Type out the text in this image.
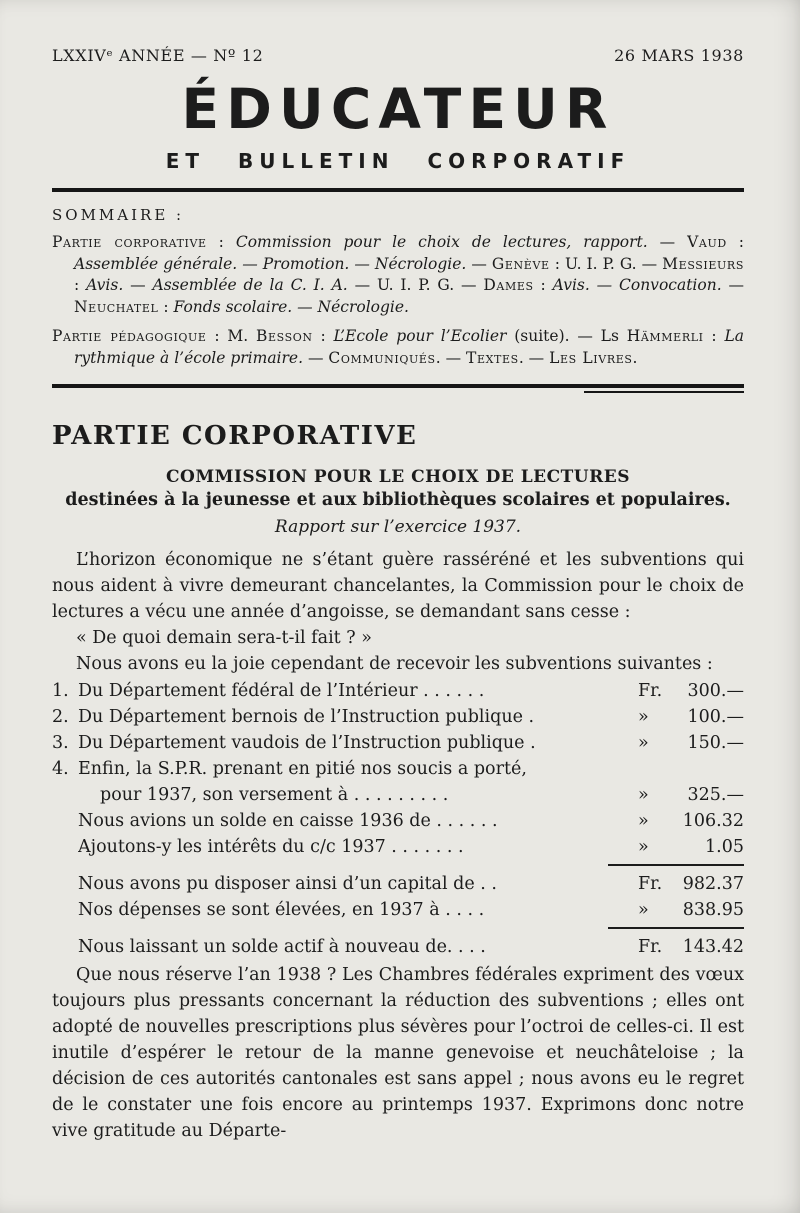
LXXIVᵉ ANNÉE — Nº 12	26 MARS 1938
ÉDUCATEUR
ET BULLETIN CORPORATIF
SOMMAIRE :

Partie corporative : Commission pour le choix de lectures, rapport. — Vaud : Assemblée générale. — Promotion. — Nécrologie. — Genève : U. I. P. G. — Messieurs : Avis. — Assemblée de la C. I. A. — U. I. P. G. — Dames : Avis. — Convocation. — Neuchatel : Fonds scolaire. — Nécrologie.

Partie pédagogique : M. Besson : L’Ecole pour l’Ecolier (suite). — Ls Hämmerli : La rythmique à l’école primaire. — Communiqués. — Textes. — Les Livres.

PARTIE CORPORATIVE
COMMISSION POUR LE CHOIX DE LECTURES
destinées à la jeunesse et aux bibliothèques scolaires et populaires.
Rapport sur l’exercice 1937.

L’horizon économique ne s’étant guère rasséréné et les subventions qui nous aident à vivre demeurant chancelantes, la Commission pour le choix de lectures a vécu une année d’angoisse, se demandant sans cesse :

« De quoi demain sera-t-il fait ? »

Nous avons eu la joie cependant de recevoir les subventions suivantes :

1. Du Département fédéral de l’Intérieur . . . . . .	Fr.	300.—
2. Du Département bernois de l’Instruction publique .	»	100.—
3. Du Département vaudois de l’Instruction publique .	»	150.—
4. Enfin, la S.P.R. prenant en pitié nos soucis a porté,
pour 1937, son versement à . . . . . . . . .	»	325.—
Nous avions un solde en caisse 1936 de . . . . . .	»	106.32
Ajoutons-y les intérêts du c/c 1937 . . . . . . .	»	1.05
Nous avons pu disposer ainsi d’un capital de . .	Fr.	982.37
Nos dépenses se sont élevées, en 1937 à . . . .	»	838.95
Nous laissant un solde actif à nouveau de. . . .	Fr.	143.42

Que nous réserve l’an 1938 ? Les Chambres fédérales expriment des vœux toujours plus pressants concernant la réduction des subventions ; elles ont adopté de nouvelles prescriptions plus sévères pour l’octroi de celles-ci. Il est inutile d’espérer le retour de la manne genevoise et neuchâteloise ; la décision de ces autorités cantonales est sans appel ; nous avons eu le regret de le constater une fois encore au printemps 1937. Exprimons donc notre vive gratitude au Départe-
